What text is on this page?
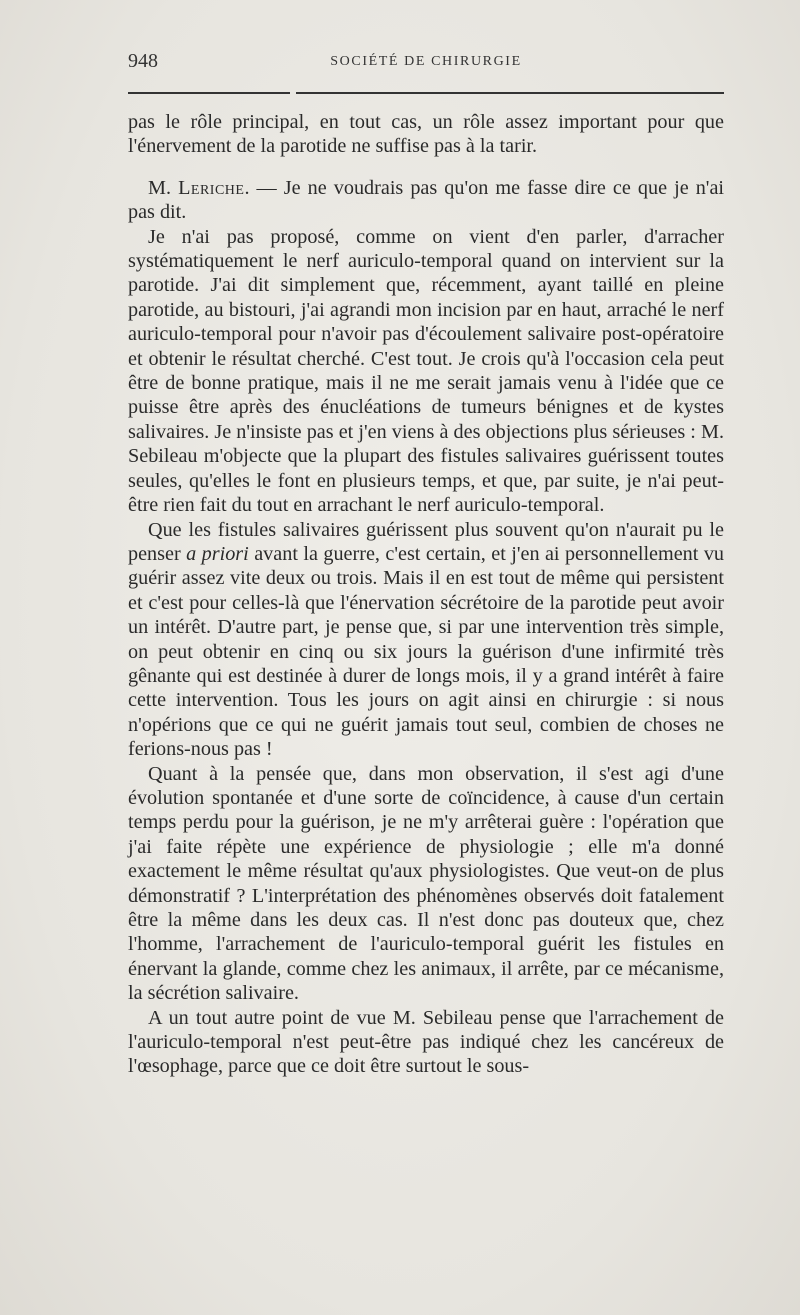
948	SOCIÉTÉ DE CHIRURGIE

pas le rôle principal, en tout cas, un rôle assez important pour que l'énervement de la parotide ne suffise pas à la tarir.

M. Leriche. — Je ne voudrais pas qu'on me fasse dire ce que je n'ai pas dit.

Je n'ai pas proposé, comme on vient d'en parler, d'arracher systématiquement le nerf auriculo-temporal quand on intervient sur la parotide. J'ai dit simplement que, récemment, ayant taillé en pleine parotide, au bistouri, j'ai agrandi mon incision par en haut, arraché le nerf auriculo-temporal pour n'avoir pas d'écoulement salivaire post-opératoire et obtenir le résultat cherché. C'est tout. Je crois qu'à l'occasion cela peut être de bonne pratique, mais il ne me serait jamais venu à l'idée que ce puisse être après des énucléations de tumeurs bénignes et de kystes salivaires. Je n'insiste pas et j'en viens à des objections plus sérieuses : M. Sebileau m'objecte que la plupart des fistules salivaires guérissent toutes seules, qu'elles le font en plusieurs temps, et que, par suite, je n'ai peut-être rien fait du tout en arrachant le nerf auriculo-temporal.

Que les fistules salivaires guérissent plus souvent qu'on n'aurait pu le penser a priori avant la guerre, c'est certain, et j'en ai personnellement vu guérir assez vite deux ou trois. Mais il en est tout de même qui persistent et c'est pour celles-là que l'énervation sécrétoire de la parotide peut avoir un intérêt. D'autre part, je pense que, si par une intervention très simple, on peut obtenir en cinq ou six jours la guérison d'une infirmité très gênante qui est destinée à durer de longs mois, il y a grand intérêt à faire cette intervention. Tous les jours on agit ainsi en chirurgie : si nous n'opérions que ce qui ne guérit jamais tout seul, combien de choses ne ferions-nous pas !

Quant à la pensée que, dans mon observation, il s'est agi d'une évolution spontanée et d'une sorte de coïncidence, à cause d'un certain temps perdu pour la guérison, je ne m'y arrêterai guère : l'opération que j'ai faite répète une expérience de physiologie ; elle m'a donné exactement le même résultat qu'aux physiologistes. Que veut-on de plus démonstratif ? L'interprétation des phénomènes observés doit fatalement être la même dans les deux cas. Il n'est donc pas douteux que, chez l'homme, l'arrachement de l'auriculo-temporal guérit les fistules en énervant la glande, comme chez les animaux, il arrête, par ce mécanisme, la sécrétion salivaire.

A un tout autre point de vue M. Sebileau pense que l'arrachement de l'auriculo-temporal n'est peut-être pas indiqué chez les cancéreux de l'œsophage, parce que ce doit être surtout le sous-
